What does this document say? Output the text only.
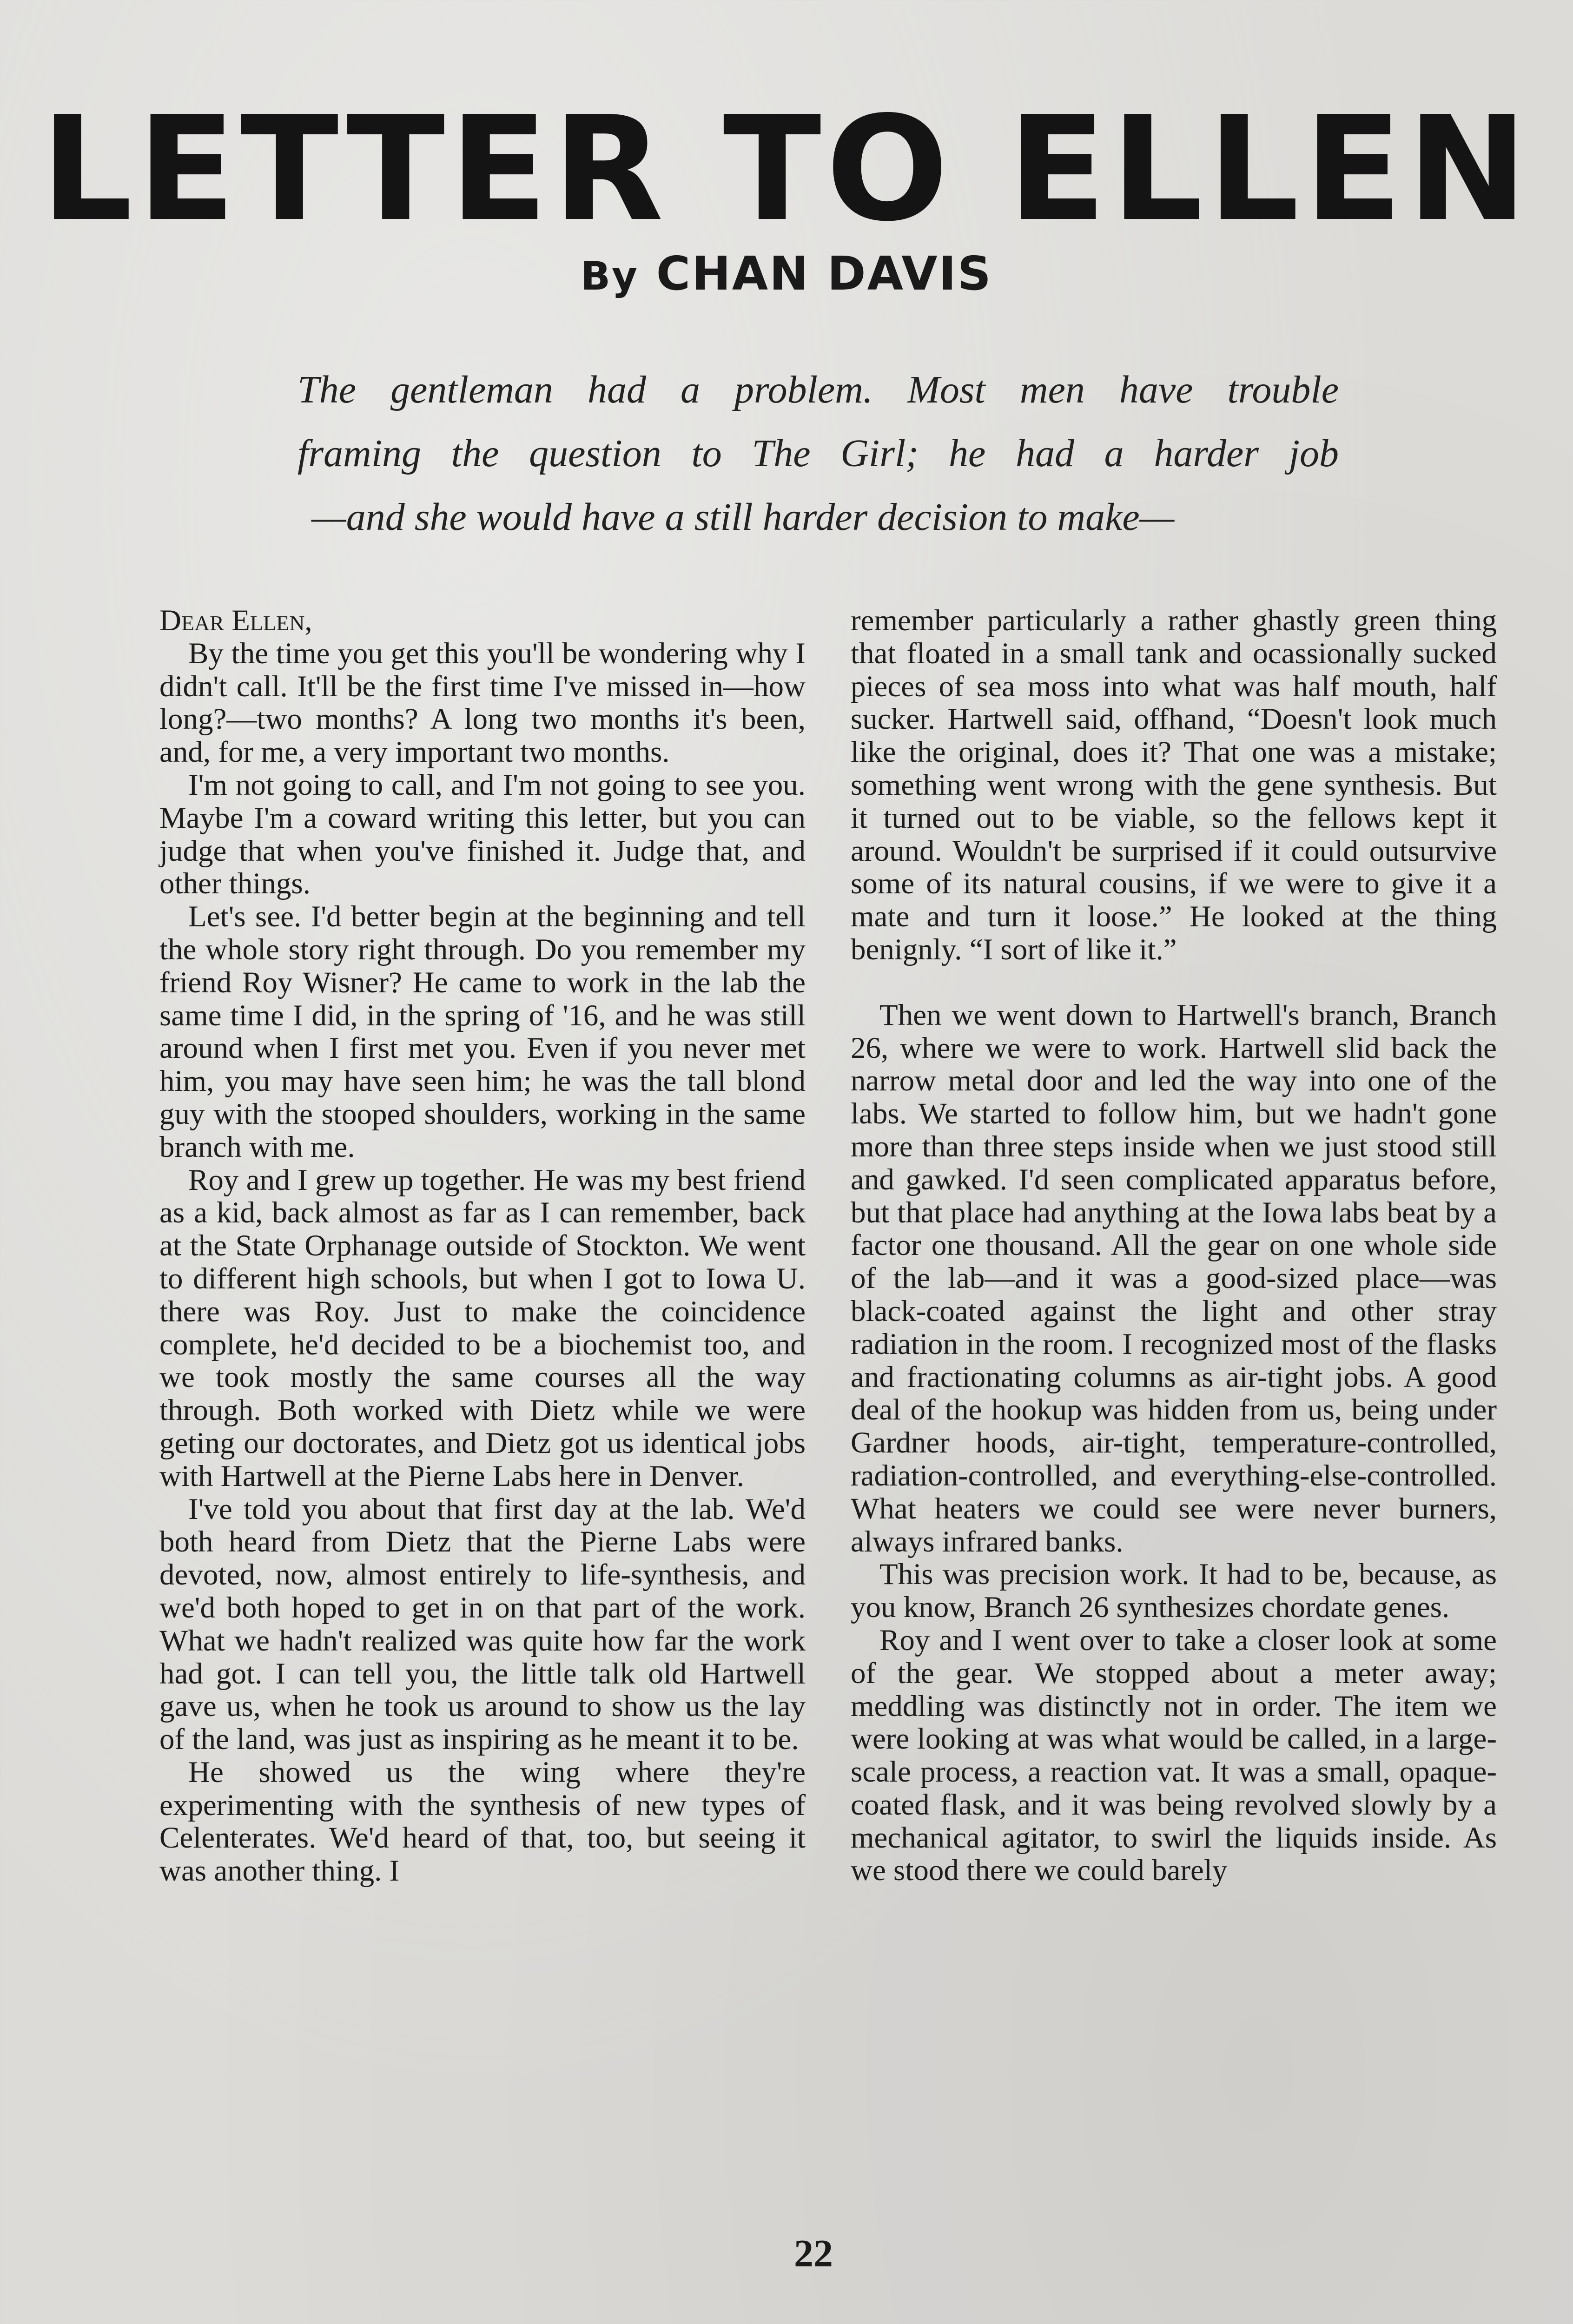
LETTER TO ELLEN
By CHAN DAVIS
The gentleman had a problem. Most men have trouble
framing the question to The Girl; he had a harder job
—and she would have a still harder decision to make—

Dear Ellen,

By the time you get this you'll be wondering why I didn't call. It'll be the first time I've missed in—how long?—two months? A long two months it's been, and, for me, a very important two months.

I'm not going to call, and I'm not going to see you. Maybe I'm a coward writing this letter, but you can judge that when you've finished it. Judge that, and other things.

Let's see. I'd better begin at the beginning and tell the whole story right through. Do you remember my friend Roy Wisner? He came to work in the lab the same time I did, in the spring of '16, and he was still around when I first met you. Even if you never met him, you may have seen him; he was the tall blond guy with the stooped shoulders, working in the same branch with me.

Roy and I grew up together. He was my best friend as a kid, back almost as far as I can remember, back at the State Orphanage outside of Stockton. We went to different high schools, but when I got to Iowa U. there was Roy. Just to make the coincidence complete, he'd decided to be a biochemist too, and we took mostly the same courses all the way through. Both worked with Dietz while we were geting our doctorates, and Dietz got us identical jobs with Hartwell at the Pierne Labs here in Denver.

I've told you about that first day at the lab. We'd both heard from Dietz that the Pierne Labs were devoted, now, almost entirely to life-synthesis, and we'd both hoped to get in on that part of the work. What we hadn't realized was quite how far the work had got. I can tell you, the little talk old Hartwell gave us, when he took us around to show us the lay of the land, was just as inspiring as he meant it to be.

He showed us the wing where they're experimenting with the synthesis of new types of Celenterates. We'd heard of that, too, but seeing it was another thing. I

remember particularly a rather ghastly green thing that floated in a small tank and ocassionally sucked pieces of sea moss into what was half mouth, half sucker. Hartwell said, offhand, “Doesn't look much like the original, does it? That one was a mistake; something went wrong with the gene synthesis. But it turned out to be viable, so the fellows kept it around. Wouldn't be surprised if it could outsurvive some of its natural cousins, if we were to give it a mate and turn it loose.” He looked at the thing benignly. “I sort of like it.”

Then we went down to Hartwell's branch, Branch 26, where we were to work. Hartwell slid back the narrow metal door and led the way into one of the labs. We started to follow him, but we hadn't gone more than three steps inside when we just stood still and gawked. I'd seen complicated apparatus before, but that place had anything at the Iowa labs beat by a factor one thousand. All the gear on one whole side of the lab—and it was a good-sized place—was black-coated against the light and other stray radiation in the room. I recognized most of the flasks and fractionating columns as air-tight jobs. A good deal of the hookup was hidden from us, being under Gardner hoods, air-tight, temperature-controlled, radiation-controlled, and everything-else-controlled. What heaters we could see were never burners, always infrared banks.

This was precision work. It had to be, because, as you know, Branch 26 synthesizes chordate genes.

Roy and I went over to take a closer look at some of the gear. We stopped about a meter away; meddling was distinctly not in order. The item we were looking at was what would be called, in a large-scale process, a reaction vat. It was a small, opaque-coated flask, and it was being revolved slowly by a mechanical agitator, to swirl the liquids inside. As we stood there we could barely

22
